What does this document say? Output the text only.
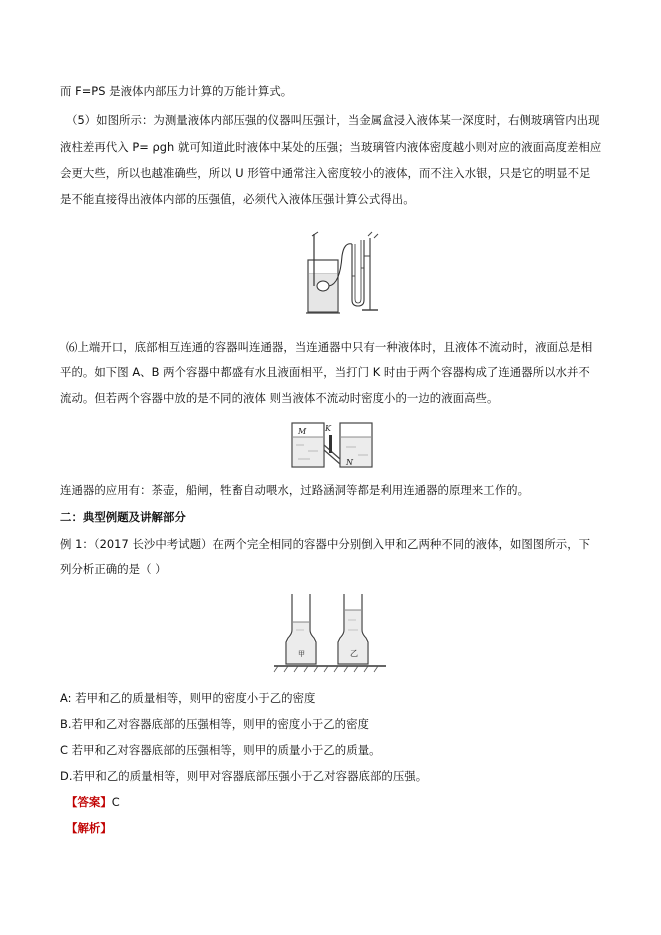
而 F=PS 是液体内部压力计算的万能计算式。
（5）如图所示：为测量液体内部压强的仪器叫压强计，当金属盒浸入液体某一深度时，右侧玻璃管内出现
液柱差再代入 P= ρgh 就可知道此时液体中某处的压强；当玻璃管内液体密度越小则对应的液面高度差相应
会更大些，所以也越准确些，所以 U 形管中通常注入密度较小的液体，而不注入水银，只是它的明显不足
是不能直接得出液体内部的压强值，必须代入液体压强计算公式得出。
⑹上端开口，底部相互连通的容器叫连通器，当连通器中只有一种液体时，且液体不流动时，液面总是相
平的。如下图 A、B 两个容器中都盛有水且液面相平，当打门 K 时由于两个容器构成了连通器所以水并不
流动。但若两个容器中放的是不同的液体 则当液体不流动时密度小的一边的液面高些。
M K
N
连通器的应用有：茶壶，船闸，牲畜自动喂水，过路涵洞等都是利用连通器的原理来工作的。
二：典型例题及讲解部分
例 1：（2017 长沙中考试题）在两个完全相同的容器中分别倒入甲和乙两种不同的液体，如图图所示，下
列分析正确的是（ ）
甲	乙
A: 若甲和乙的质量相等，则甲的密度小于乙的密度
B.若甲和乙对容器底部的压强相等，则甲的密度小于乙的密度
C 若甲和乙对容器底部的压强相等，则甲的质量小于乙的质量。
D.若甲和乙的质量相等，则甲对容器底部压强小于乙对容器底部的压强。
【答案】C
【解析】
